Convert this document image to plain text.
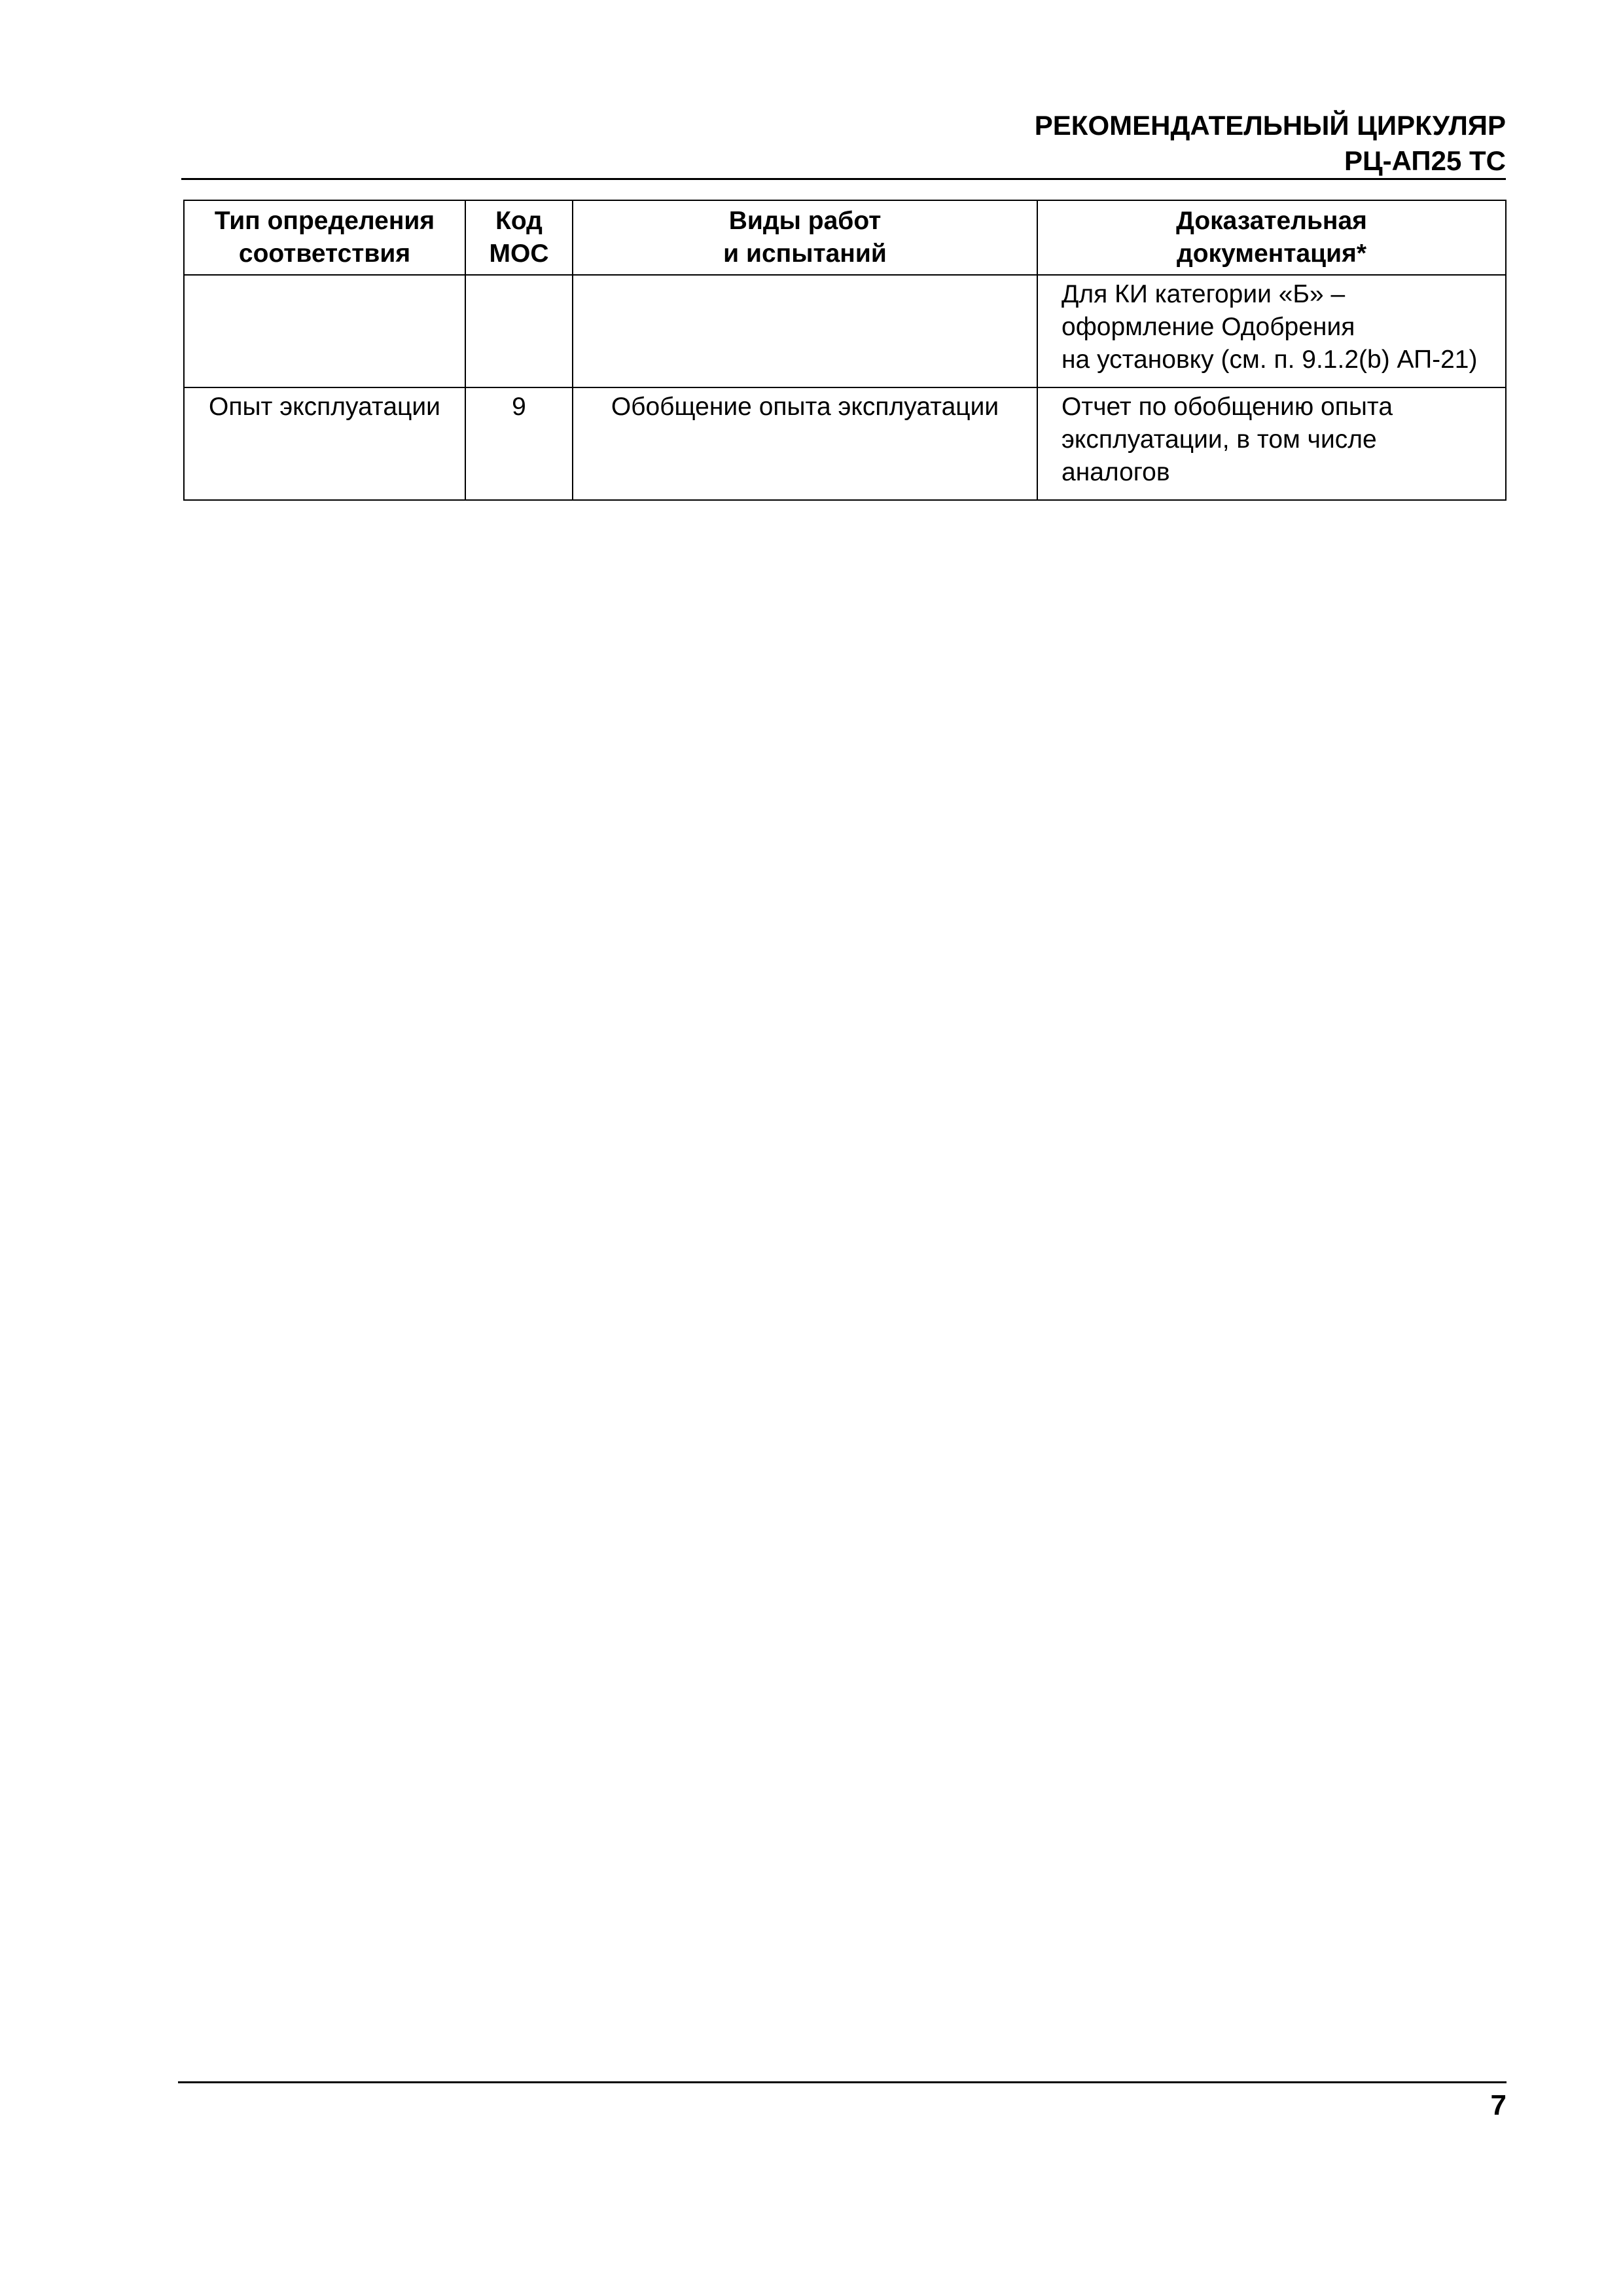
РЕКОМЕНДАТЕЛЬНЫЙ ЦИРКУЛЯР
РЦ-АП25 ТС
Тип определения
соответствия	Код
МОС	Виды работ
и испытаний	Доказательная
документация*

			Для КИ категории «Б» –
оформление Одобрения
на установку (см. п. 9.1.2(b) АП-21)

Опыт эксплуатации	9	Обобщение опыта эксплуатации	Отчет по обобщению опыта
эксплуатации, в том числе
аналогов
7
